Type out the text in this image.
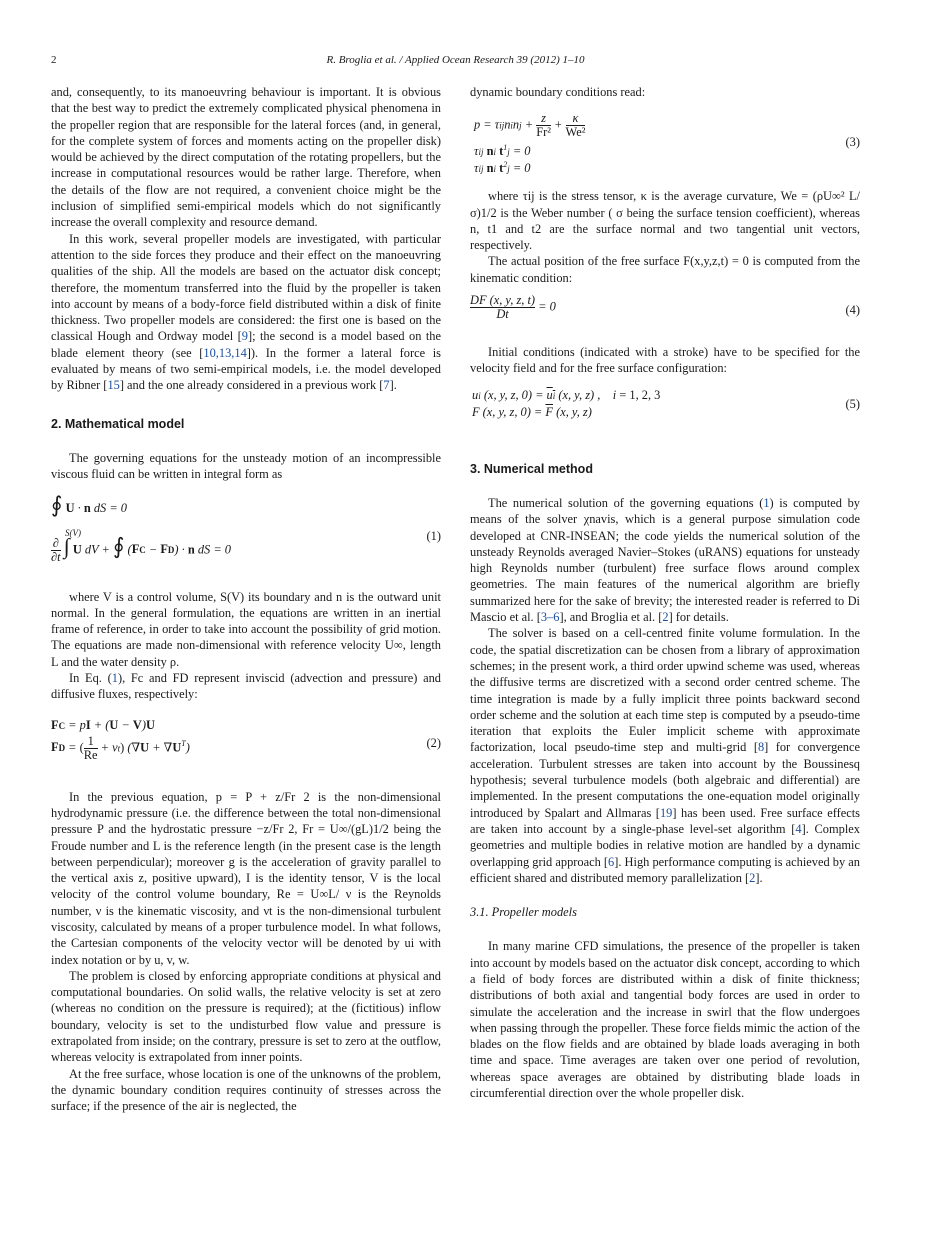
2	R. Broglia et al. / Applied Ocean Research 39 (2012) 1–10

and, consequently, to its manoeuvring behaviour is important. It is obvious that the best way to predict the extremely complicated physical phenomena in the propeller region that are responsible for the lateral forces (and, in general, for the complete system of forces and moments acting on the propeller disk) would be achieved by the direct computation of the rotating propellers, but the increase in computational resources would be rather large. Therefore, when the details of the flow are not required, a convenient choice might be the inclusion of simplified semi-empirical models which do not significantly increase the overall complexity and resource demand.

In this work, several propeller models are investigated, with particular attention to the side forces they produce and their effect on the manoeuvring qualities of the ship. All the models are based on the actuator disk concept; therefore, the momentum transferred into the fluid by the propeller is taken into account by means of a body-force field distributed within a disk of finite thickness. Two propeller models are considered: the first one is based on the classical Hough and Ordway model [9]; the second is a model based on the blade element theory (see [10,13,14]). In the former a lateral force is evaluated by means of two semi-empirical models, i.e. the model developed by Ribner [15] and the one already considered in a previous work [7].

2. Mathematical model

The governing equations for the unsteady motion of an incompressible viscous fluid can be written in integral form as

∮ U · n dS = 0
S(V)
$\frac{\partial}{\partial t}$ ∫ U dV + ∮ (FC − FD) · n dS = 0
(1)

where V is a control volume, S(V) its boundary and n is the outward unit normal. In the general formulation, the equations are written in an inertial frame of reference, in order to take into account the possibility of grid motion. The equations are made non-dimensional with reference velocity U∞, length L and the water density ρ.

In Eq. (1), Fc and FD represent inviscid (advection and pressure) and diffusive fluxes, respectively:

FC = pI + (U − V)U
FD = ( $\frac{1}{Re} + \nu t$) $(\nabla U + \nabla U^T)$	(2)

In the previous equation, p = P + z/Fr 2 is the non-dimensional hydrodynamic pressure (i.e. the difference between the total non-dimensional pressure P and the hydrostatic pressure −z/Fr 2, Fr = U∞/(gL)1/2 being the Froude number and L is the reference length (in the present case is the length between perpendicular); moreover g is the acceleration of gravity parallel to the vertical axis z, positive upward), I is the identity tensor, V is the local velocity of the control volume boundary, Re = U∞L/ ν is the Reynolds number, ν is the kinematic viscosity, and νt is the non-dimensional turbulent viscosity, calculated by means of a proper turbulence model. In what follows, the Cartesian components of the velocity vector will be denoted by ui with index notation or by u, v, w.

The problem is closed by enforcing appropriate conditions at physical and computational boundaries. On solid walls, the relative velocity is set at zero (whereas no condition on the pressure is required); at the (fictitious) inflow boundary, velocity is set to the undisturbed flow value and pressure is extrapolated from inside; on the contrary, pressure is set to zero at the outflow, whereas velocity is extrapolated from inner points.

At the free surface, whose location is one of the unknowns of the problem, the dynamic boundary condition requires continuity of stresses across the surface; if the presence of the air is neglected, the

dynamic boundary conditions read:

p = τijninj + $\frac{z}{\text{Fr²}} + \frac{\kappa}{\text{We²}}$
τij ni $t^1j = 0$
τij ni $t^2j = 0$
(3)

where τij is the stress tensor, κ is the average curvature, We = (ρU∞² L/σ)1/2 is the Weber number ( σ being the surface tension coefficient), whereas n, t1 and t2 are the surface normal and two tangential unit vectors, respectively.

The actual position of the free surface F(x,y,z,t) = 0 is computed from the kinematic condition:

$\frac{DF (x, y, z, t)}{Dt} = 0$	(4)

Initial conditions (indicated with a stroke) have to be specified for the velocity field and for the free surface configuration:

ui (x, y, z, 0) = ui (x, y, z) ,    i = 1, 2, 3
F (x, y, z, $0) = \overline{F}$ (x, y, z)
(5)
3. Numerical method

The numerical solution of the governing equations (1) is computed by means of the solver χnavis, which is a general purpose simulation code developed at CNR-INSEAN; the code yields the numerical solution of the unsteady Reynolds averaged Navier–Stokes (uRANS) equations for unsteady high Reynolds number (turbulent) free surface flows around complex geometries. The main features of the numerical algorithm are briefly summarized here for the sake of brevity; the interested reader is referred to Di Mascio et al. [3–6], and Broglia et al. [2] for details.

The solver is based on a cell-centred finite volume formulation. In the code, the spatial discretization can be chosen from a library of approximation schemes; in the present work, a third order upwind scheme was used, whereas the diffusive terms are discretized with a second order centred scheme. The time integration is made by a fully implicit three points backward second order scheme and the solution at each time step is computed by a pseudo-time iteration that exploits the Euler implicit scheme with approximate factorization, local pseudo-time step and multi-grid [8] for convergence acceleration. Turbulent stresses are taken into account by the Boussinesq hypothesis; several turbulence models (both algebraic and differential) are implemented. In the present computations the one-equation model originally introduced by Spalart and Allmaras [19] has been used. Free surface effects are taken into account by a single-phase level-set algorithm [4]. Complex geometries and multiple bodies in relative motion are handled by a dynamic overlapping grid approach [6]. High performance computing is achieved by an efficient shared and distributed memory parallelization [2].

3.1. Propeller models

In many marine CFD simulations, the presence of the propeller is taken into account by models based on the actuator disk concept, according to which a field of body forces are distributed within a disk of finite thickness; distributions of both axial and tangential body forces are used in order to simulate the acceleration and the increase in swirl that the flow undergoes when passing through the propeller. These force fields mimic the action of the blades on the flow fields and are obtained by blade loads averaging in both time and space. Time averages are taken over one period of revolution, whereas space averages are obtained by distributing blade loads in circumferential direction over the whole propeller disk.
